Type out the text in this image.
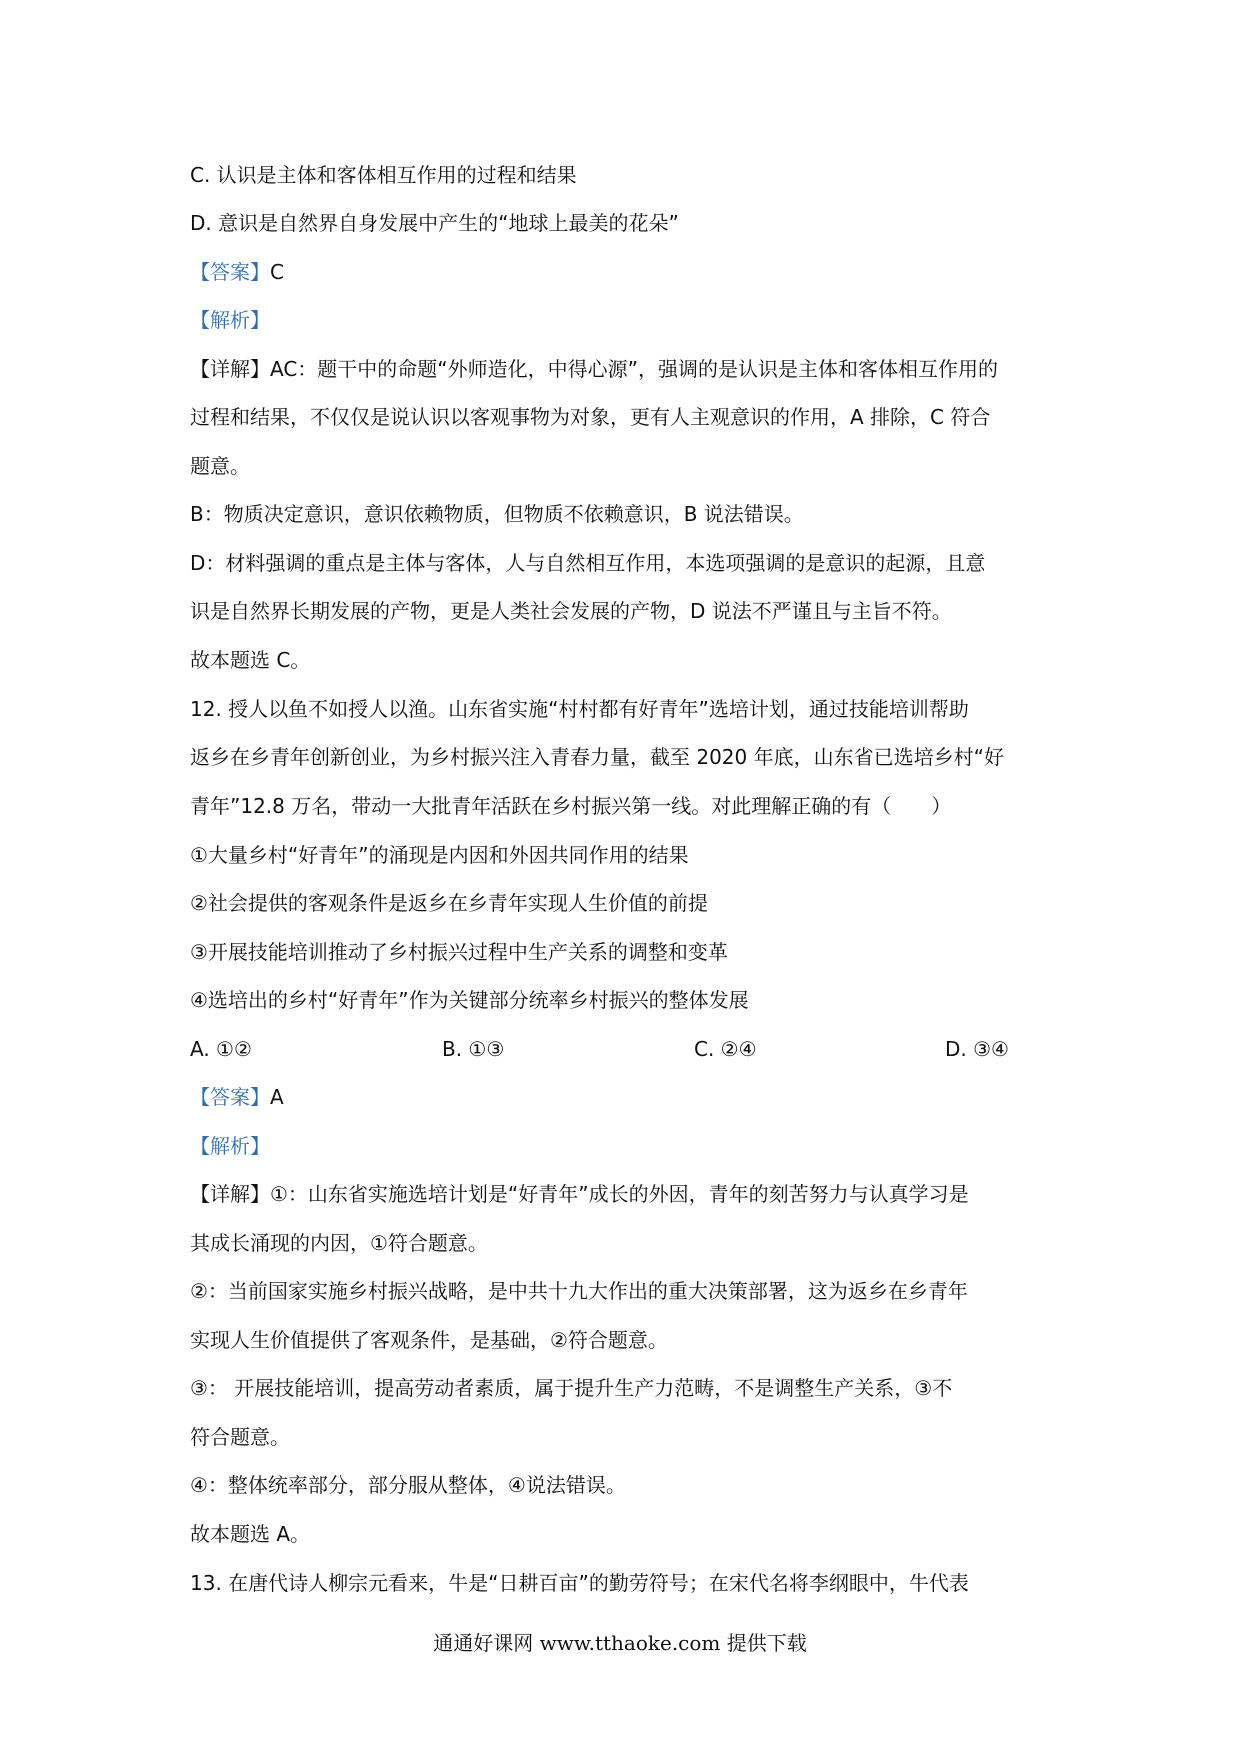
C. 认识是主体和客体相互作用的过程和结果
D. 意识是自然界自身发展中产生的“地球上最美的花朵”
【答案】C
【解析】
【详解】AC：题干中的命题“外师造化，中得心源”，强调的是认识是主体和客体相互作用的
过程和结果，不仅仅是说认识以客观事物为对象，更有人主观意识的作用，A 排除，C 符合
题意。
B：物质决定意识，意识依赖物质，但物质不依赖意识，B 说法错误。
D：材料强调的重点是主体与客体，人与自然相互作用，本选项强调的是意识的起源，且意
识是自然界长期发展的产物，更是人类社会发展的产物，D 说法不严谨且与主旨不符。
故本题选 C。
12. 授人以鱼不如授人以渔。山东省实施“村村都有好青年”选培计划，通过技能培训帮助
返乡在乡青年创新创业，为乡村振兴注入青春力量，截至 2020 年底，山东省已选培乡村“好
青年”12.8 万名，带动一大批青年活跃在乡村振兴第一线。对此理解正确的有（　　）
①大量乡村“好青年”的涌现是内因和外因共同作用的结果
②社会提供的客观条件是返乡在乡青年实现人生价值的前提
③开展技能培训推动了乡村振兴过程中生产关系的调整和变革
④选培出的乡村“好青年”作为关键部分统率乡村振兴的整体发展
A. ①②	B. ①③	C. ②④	D. ③④
【答案】A
【解析】
【详解】①：山东省实施选培计划是“好青年”成长的外因，青年的刻苦努力与认真学习是
其成长涌现的内因，①符合题意。
②：当前国家实施乡村振兴战略，是中共十九大作出的重大决策部署，这为返乡在乡青年
实现人生价值提供了客观条件，是基础，②符合题意。
③： 开展技能培训，提高劳动者素质，属于提升生产力范畴，不是调整生产关系，③不
符合题意。
④：整体统率部分，部分服从整体，④说法错误。
故本题选 A。
13. 在唐代诗人柳宗元看来，牛是“日耕百亩”的勤劳符号；在宋代名将李纲眼中，牛代表
通通好课网 www.tthaoke.com 提供下载
